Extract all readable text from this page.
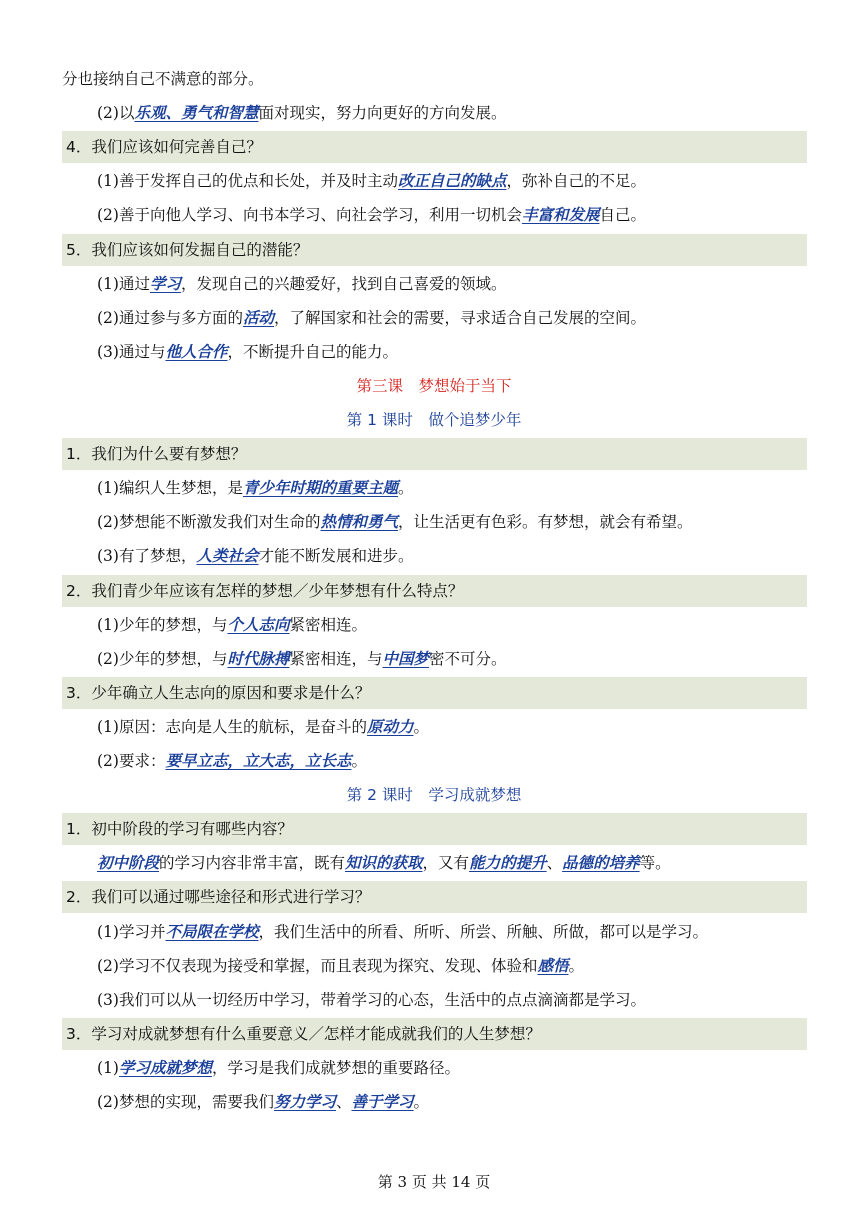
分也接纳自己不满意的部分。
(2)以乐观、勇气和智慧面对现实，努力向更好的方向发展。
4．我们应该如何完善自己？
(1)善于发挥自己的优点和长处，并及时主动改正自己的缺点，弥补自己的不足。
(2)善于向他人学习、向书本学习、向社会学习，利用一切机会丰富和发展自己。
5．我们应该如何发掘自己的潜能？
(1)通过学习，发现自己的兴趣爱好，找到自己喜爱的领域。
(2)通过参与多方面的活动，了解国家和社会的需要，寻求适合自己发展的空间。
(3)通过与他人合作，不断提升自己的能力。
第三课　梦想始于当下
第 1 课时　做个追梦少年
1．我们为什么要有梦想？
(1)编织人生梦想，是青少年时期的重要主题。
(2)梦想能不断激发我们对生命的热情和勇气，让生活更有色彩。有梦想，就会有希望。
(3)有了梦想，人类社会才能不断发展和进步。
2．我们青少年应该有怎样的梦想／少年梦想有什么特点？
(1)少年的梦想，与个人志向紧密相连。
(2)少年的梦想，与时代脉搏紧密相连，与中国梦密不可分。
3．少年确立人生志向的原因和要求是什么？
(1)原因：志向是人生的航标，是奋斗的原动力。
(2)要求：要早立志，立大志，立长志。
第 2 课时　学习成就梦想
1．初中阶段的学习有哪些内容？
初中阶段的学习内容非常丰富，既有知识的获取，又有能力的提升、品德的培养等。
2．我们可以通过哪些途径和形式进行学习？
(1)学习并不局限在学校，我们生活中的所看、所听、所尝、所触、所做，都可以是学习。
(2)学习不仅表现为接受和掌握，而且表现为探究、发现、体验和感悟。
(3)我们可以从一切经历中学习，带着学习的心态，生活中的点点滴滴都是学习。
3．学习对成就梦想有什么重要意义／怎样才能成就我们的人生梦想？
(1)学习成就梦想，学习是我们成就梦想的重要路径。
(2)梦想的实现，需要我们努力学习、善于学习。
第 3 页 共 14 页
